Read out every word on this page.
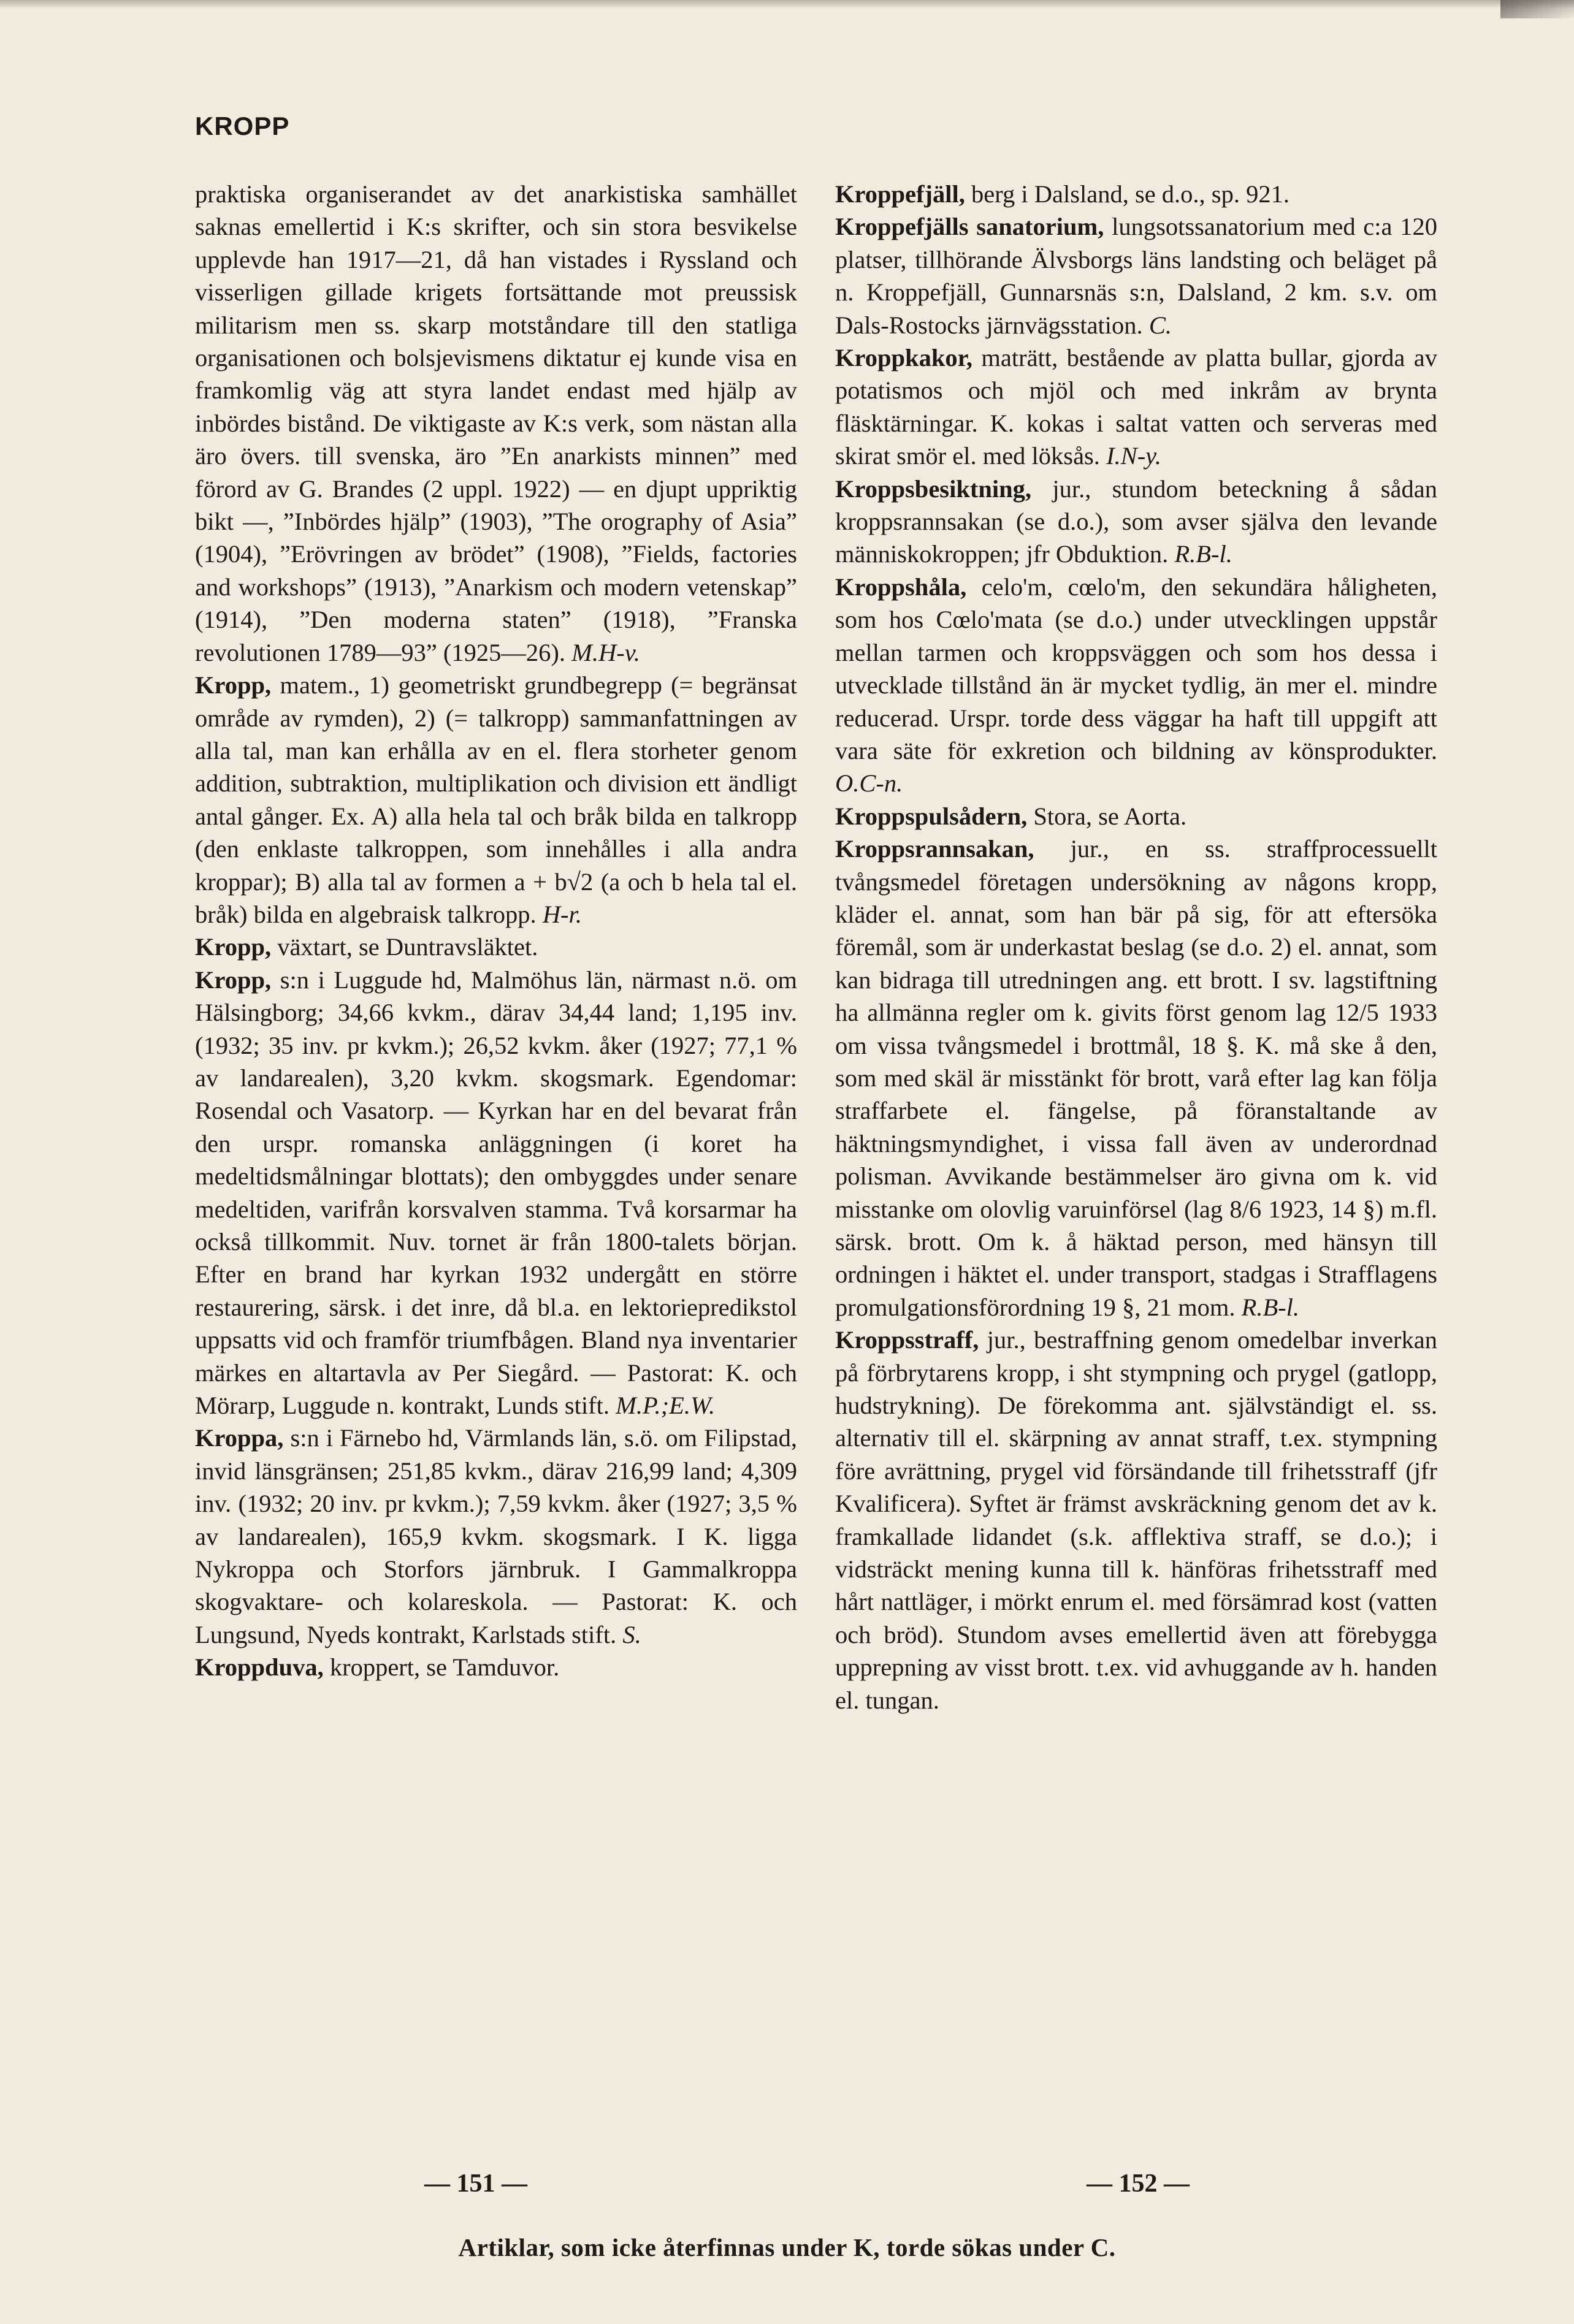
KROPP

praktiska organiserandet av det anarkistiska samhället saknas emellertid i K:s skrifter, och sin stora besvikelse upplevde han 1917—21, då han vistades i Ryssland och visserligen gillade krigets fortsättande mot preussisk militarism men ss. skarp motståndare till den statliga organisationen och bolsjevismens diktatur ej kunde visa en framkomlig väg att styra landet endast med hjälp av inbördes bistånd. De viktigaste av K:s verk, som nästan alla äro övers. till svenska, äro ”En anarkists minnen” med förord av G. Brandes (2 uppl. 1922) — en djupt uppriktig bikt —, ”Inbördes hjälp” (1903), ”The orography of Asia” (1904), ”Erövringen av brödet” (1908), ”Fields, factories and workshops” (1913), ”Anarkism och modern vetenskap” (1914), ”Den moderna staten” (1918), ”Franska revolutionen 1789—93” (1925—26). M.H-v.

Kropp, matem., 1) geometriskt grundbegrepp (= begränsat område av rymden), 2) (= talkropp) sammanfattningen av alla tal, man kan erhålla av en el. flera storheter genom addition, subtraktion, multiplikation och division ett ändligt antal gånger. Ex. A) alla hela tal och bråk bilda en talkropp (den enklaste talkroppen, som innehålles i alla andra kroppar); B) alla tal av formen a + b√2 (a och b hela tal el. bråk) bilda en algebraisk talkropp. H-r.

Kropp, växtart, se Duntravsläktet.

Kropp, s:n i Luggude hd, Malmöhus län, närmast n.ö. om Hälsingborg; 34,66 kvkm., därav 34,44 land; 1,195 inv. (1932; 35 inv. pr kvkm.); 26,52 kvkm. åker (1927; 77,1 % av landarealen), 3,20 kvkm. skogsmark. Egendomar: Rosendal och Vasatorp. — Kyrkan har en del bevarat från den urspr. romanska anläggningen (i koret ha medeltidsmålningar blottats); den ombyggdes under senare medeltiden, varifrån korsvalven stamma. Två korsarmar ha också tillkommit. Nuv. tornet är från 1800-talets början. Efter en brand har kyrkan 1932 undergått en större restaurering, särsk. i det inre, då bl.a. en lektoriepredikstol uppsatts vid och framför triumfbågen. Bland nya inventarier märkes en altartavla av Per Siegård. — Pastorat: K. och Mörarp, Luggude n. kontrakt, Lunds stift. M.P.;E.W.

Kroppa, s:n i Färnebo hd, Värmlands län, s.ö. om Filipstad, invid länsgränsen; 251,85 kvkm., därav 216,99 land; 4,309 inv. (1932; 20 inv. pr kvkm.); 7,59 kvkm. åker (1927; 3,5 % av landarealen), 165,9 kvkm. skogsmark. I K. ligga Nykroppa och Storfors järnbruk. I Gammalkroppa skogvaktare- och kolareskola. — Pastorat: K. och Lungsund, Nyeds kontrakt, Karlstads stift. S.

Kroppduva, kroppert, se Tamduvor.

Kroppefjäll, berg i Dalsland, se d.o., sp. 921.

Kroppefjälls sanatorium, lungsotssanatorium med c:a 120 platser, tillhörande Älvsborgs läns landsting och beläget på n. Kroppefjäll, Gunnarsnäs s:n, Dalsland, 2 km. s.v. om Dals-Rostocks järnvägsstation. C.

Kroppkakor, maträtt, bestående av platta bullar, gjorda av potatismos och mjöl och med inkråm av brynta fläsktärningar. K. kokas i saltat vatten och serveras med skirat smör el. med löksås. I.N-y.

Kroppsbesiktning, jur., stundom beteckning å sådan kroppsrannsakan (se d.o.), som avser själva den levande människokroppen; jfr Obduktion. R.B-l.

Kroppshåla, celo'm, cœlo'm, den sekundära håligheten, som hos Cœlo'mata (se d.o.) under utvecklingen uppstår mellan tarmen och kroppsväggen och som hos dessa i utvecklade tillstånd än är mycket tydlig, än mer el. mindre reducerad. Urspr. torde dess väggar ha haft till uppgift att vara säte för exkretion och bildning av könsprodukter. O.C-n.

Kroppspulsådern, Stora, se Aorta.

Kroppsrannsakan, jur., en ss. straffprocessuellt tvångsmedel företagen undersökning av någons kropp, kläder el. annat, som han bär på sig, för att eftersöka föremål, som är underkastat beslag (se d.o. 2) el. annat, som kan bidraga till utredningen ang. ett brott. I sv. lagstiftning ha allmänna regler om k. givits först genom lag 12/5 1933 om vissa tvångsmedel i brottmål, 18 §. K. må ske å den, som med skäl är misstänkt för brott, varå efter lag kan följa straffarbete el. fängelse, på föranstaltande av häktningsmyndighet, i vissa fall även av underordnad polisman. Avvikande bestämmelser äro givna om k. vid misstanke om olovlig varuinförsel (lag 8/6 1923, 14 §) m.fl. särsk. brott. Om k. å häktad person, med hänsyn till ordningen i häktet el. under transport, stadgas i Strafflagens promulgationsförordning 19 §, 21 mom. R.B-l.

Kroppsstraff, jur., bestraffning genom omedelbar inverkan på förbrytarens kropp, i sht stympning och prygel (gatlopp, hudstrykning). De förekomma ant. självständigt el. ss. alternativ till el. skärpning av annat straff, t.ex. stympning före avrättning, prygel vid försändande till frihetsstraff (jfr Kvalificera). Syftet är främst avskräckning genom det av k. framkallade lidandet (s.k. afflektiva straff, se d.o.); i vidsträckt mening kunna till k. hänföras frihetsstraff med hårt nattläger, i mörkt enrum el. med försämrad kost (vatten och bröd). Stundom avses emellertid även att förebygga upprepning av visst brott. t.ex. vid avhuggande av h. handen el. tungan.

— 151 —	— 152 —
Artiklar, som icke återfinnas under K, torde sökas under C.
